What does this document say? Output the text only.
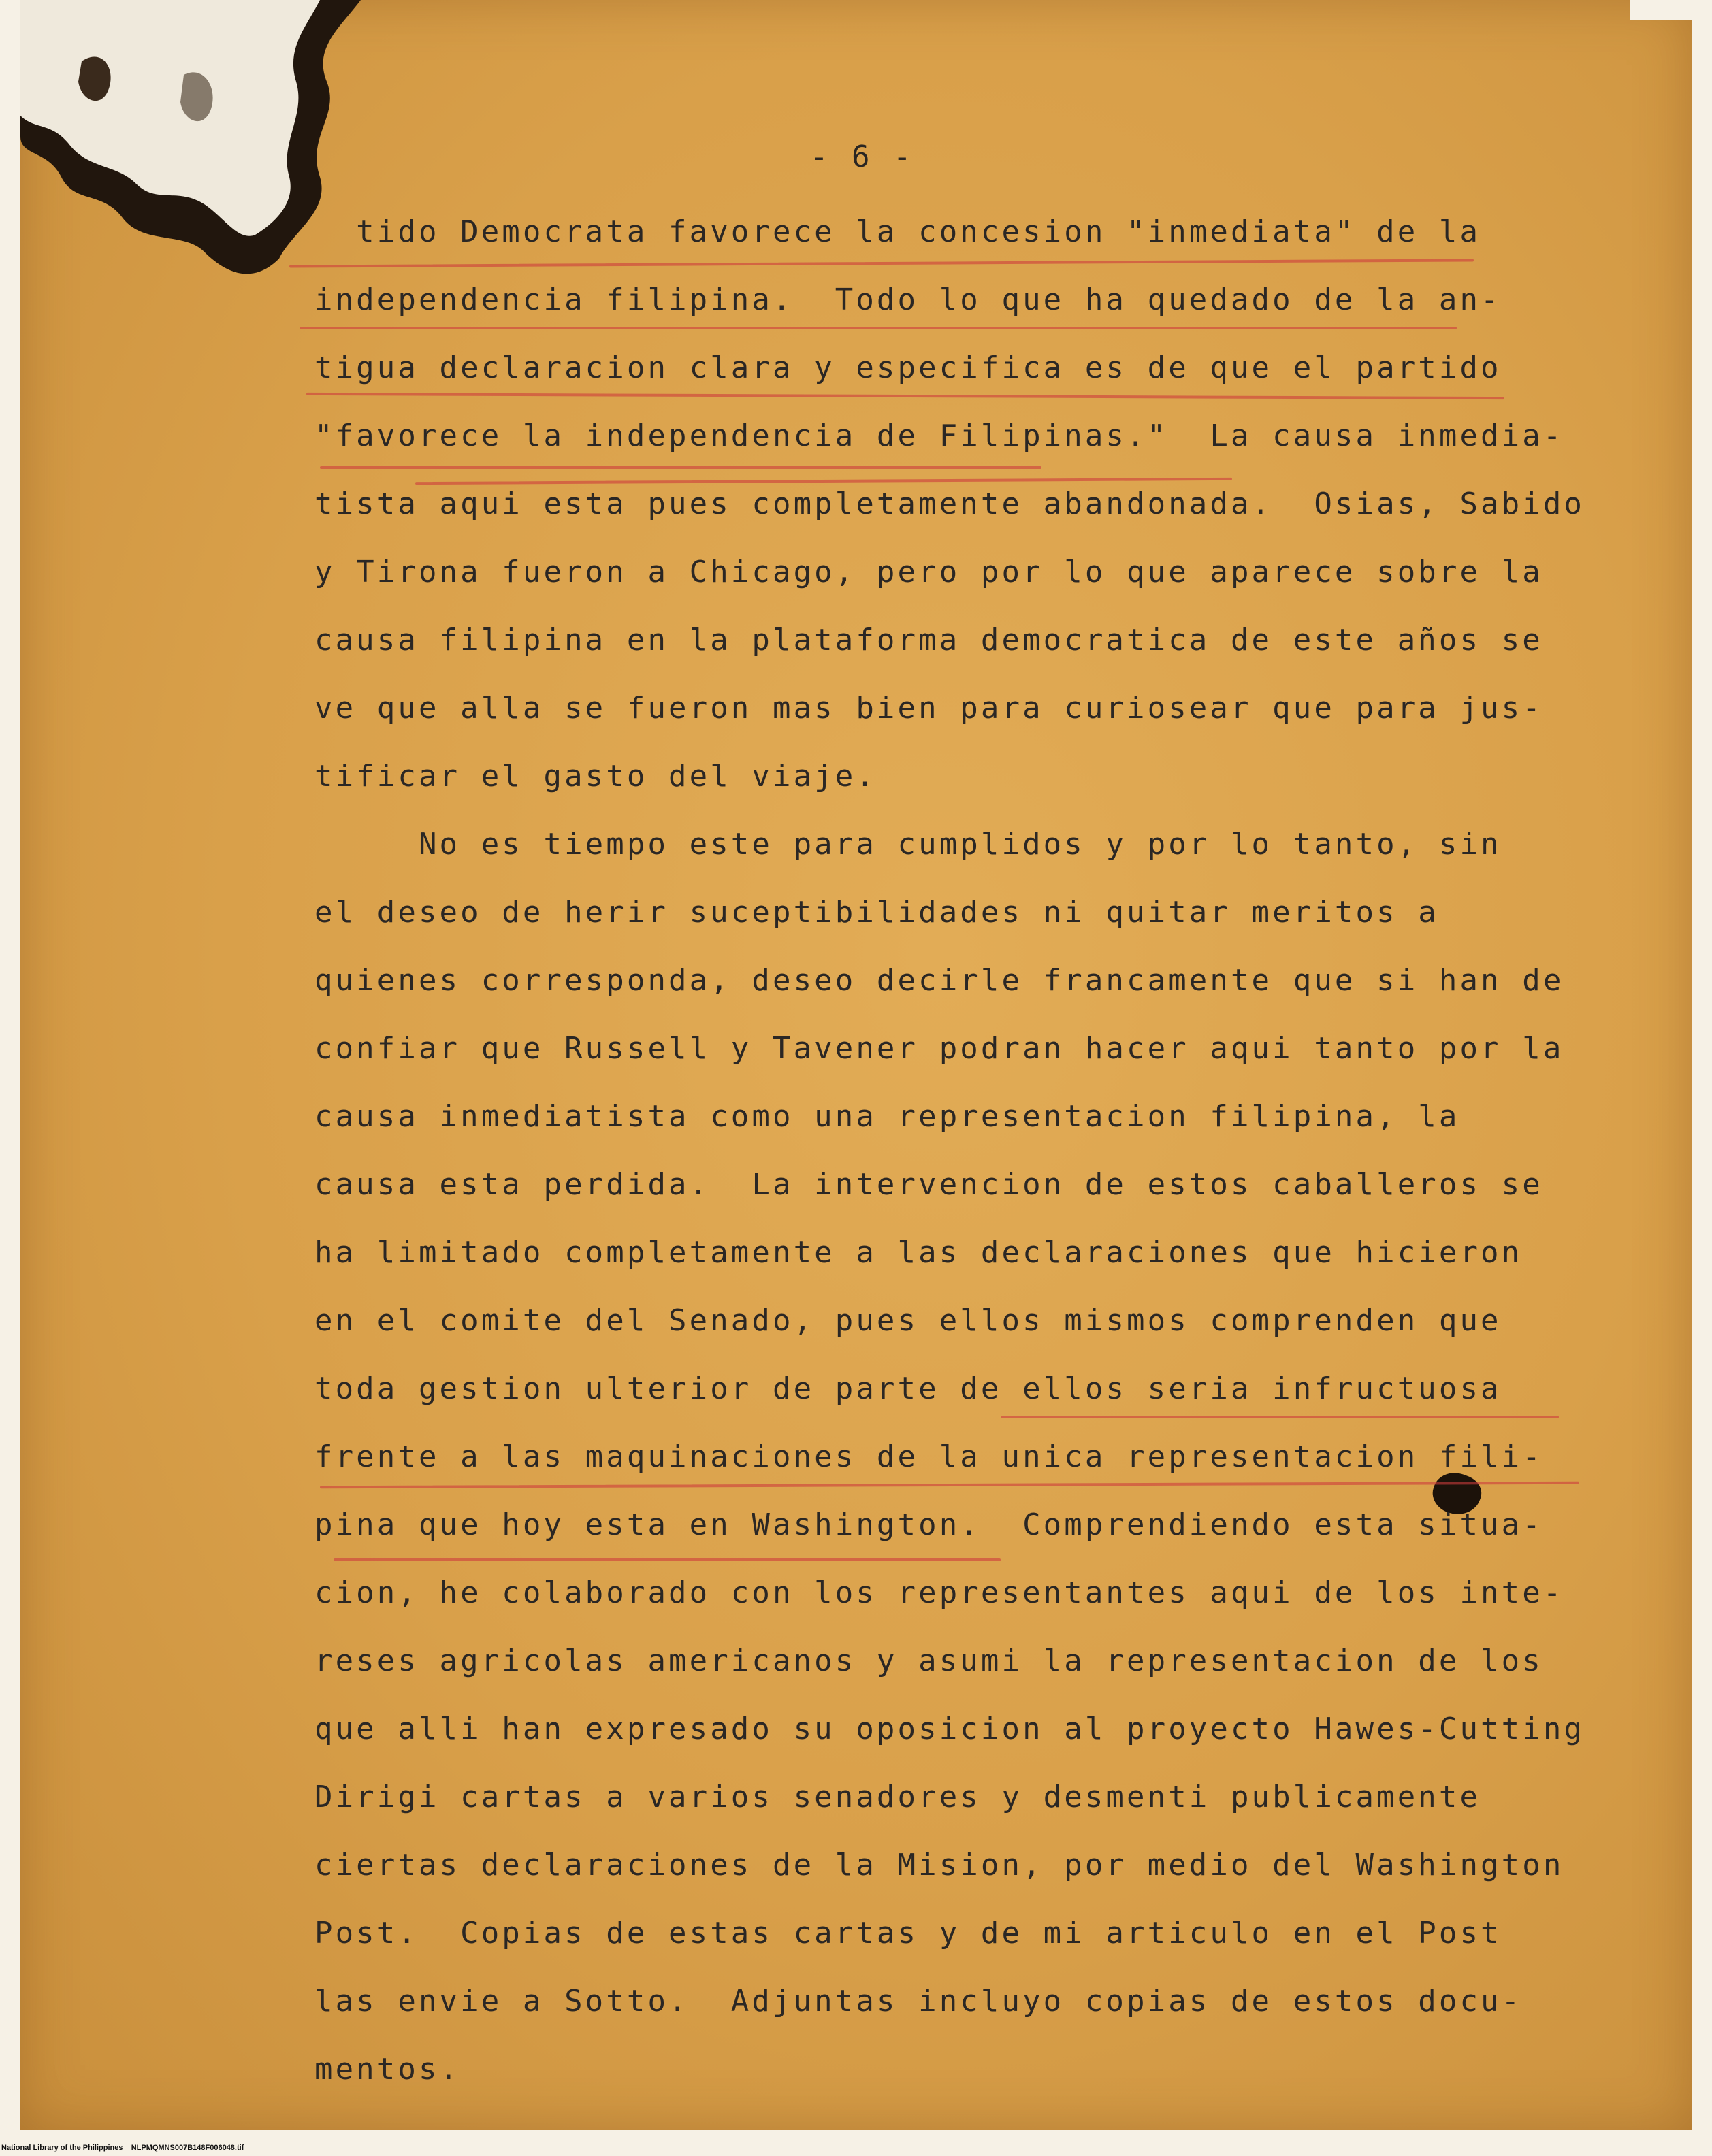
- 6 -
tido Democrata favorece la concesion "inmediata" de la
independencia filipina.  Todo lo que ha quedado de la an-
tigua declaracion clara y especifica es de que el partido
"favorece la independencia de Filipinas."  La causa inmedia-
tista aqui esta pues completamente abandonada.  Osias, Sabido
y Tirona fueron a Chicago, pero por lo que aparece sobre la
causa filipina en la plataforma democratica de este años se
ve que alla se fueron mas bien para curiosear que para jus-
tificar el gasto del viaje.
No es tiempo este para cumplidos y por lo tanto, sin
el deseo de herir suceptibilidades ni quitar meritos a
quienes corresponda, deseo decirle francamente que si han de
confiar que Russell y Tavener podran hacer aqui tanto por la
causa inmediatista como una representacion filipina, la
causa esta perdida.  La intervencion de estos caballeros se
ha limitado completamente a las declaraciones que hicieron
en el comite del Senado, pues ellos mismos comprenden que
toda gestion ulterior de parte de ellos seria infructuosa
frente a las maquinaciones de la unica representacion fili-
pina que hoy esta en Washington.  Comprendiendo esta situa-
cion, he colaborado con los representantes aqui de los inte-
reses agricolas americanos y asumi la representacion de los
que alli han expresado su oposicion al proyecto Hawes-Cutting
Dirigi cartas a varios senadores y desmenti publicamente
ciertas declaraciones de la Mision, por medio del Washington
Post.  Copias de estas cartas y de mi articulo en el Post
las envie a Sotto.  Adjuntas incluyo copias de estos docu-
mentos.
National Library of the Philippines    NLPMQMNS007B148F006048.tif
